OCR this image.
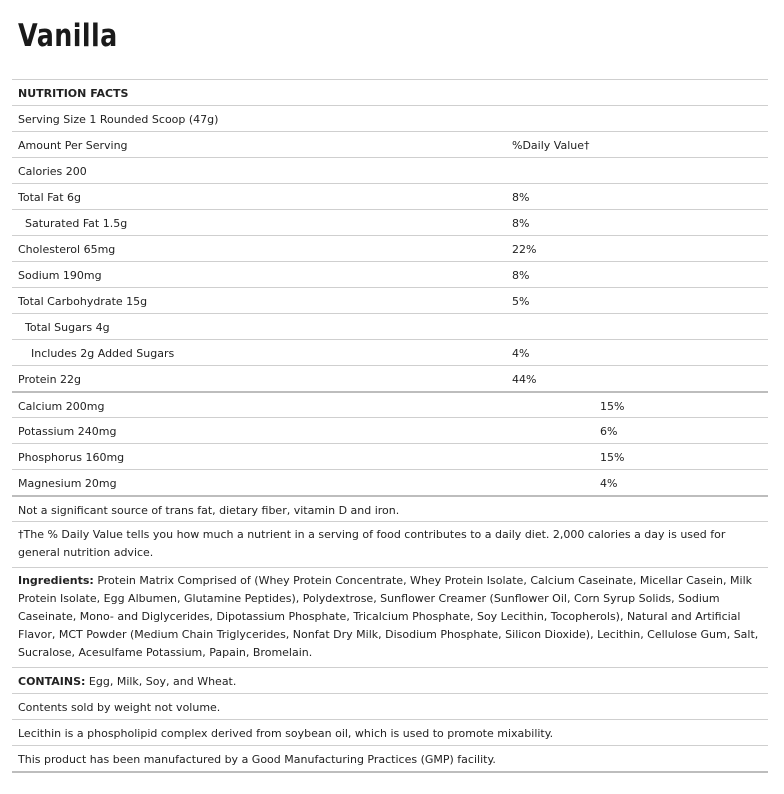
Vanilla
NUTRITION FACTS
Serving Size 1 Rounded Scoop (47g)
Amount Per Serving	%Daily Value†
Calories 200
Total Fat 6g	8%
Saturated Fat 1.5g	8%
Cholesterol 65mg	22%
Sodium 190mg	8%
Total Carbohydrate 15g	5%
Total Sugars 4g
Includes 2g Added Sugars	4%
Protein 22g	44%
Calcium 200mg	15%
Potassium 240mg	6%
Phosphorus 160mg	15%
Magnesium 20mg	4%
Not a significant source of trans fat, dietary fiber, vitamin D and iron.
†The % Daily Value tells you how much a nutrient in a serving of food contributes to a daily diet. 2,000 calories a day is used for general nutrition advice.
Ingredients: Protein Matrix Comprised of (Whey Protein Concentrate, Whey Protein Isolate, Calcium Caseinate, Micellar Casein, Milk Protein Isolate, Egg Albumen, Glutamine Peptides), Polydextrose, Sunflower Creamer (Sunflower Oil, Corn Syrup Solids, Sodium Caseinate, Mono- and Diglycerides, Dipotassium Phosphate, Tricalcium Phosphate, Soy Lecithin, Tocopherols), Natural and Artificial Flavor, MCT Powder (Medium Chain Triglycerides, Nonfat Dry Milk, Disodium Phosphate, Silicon Dioxide), Lecithin, Cellulose Gum, Salt, Sucralose, Acesulfame Potassium, Papain, Bromelain.
CONTAINS: Egg, Milk, Soy, and Wheat.
Contents sold by weight not volume.
Lecithin is a phospholipid complex derived from soybean oil, which is used to promote mixability.
This product has been manufactured by a Good Manufacturing Practices (GMP) facility.
